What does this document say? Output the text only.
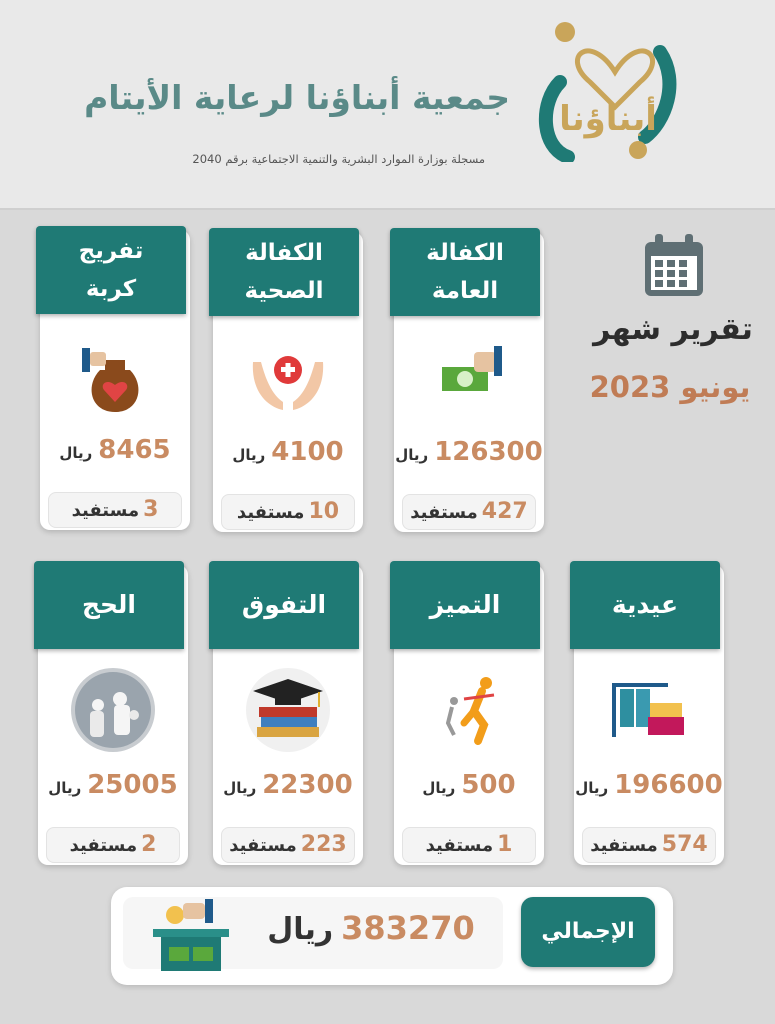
جمعية أبناؤنا لرعاية الأيتام
مسجلة بوزارة الموارد البشرية والتنمية الاجتماعية برقم 2040
أبناؤنا
تقرير شهر
يونيو 2023
الكفالة
العامة
126300ريال
427مستفيد
الكفالة
الصحية
4100ريال
10مستفيد
تفريج
كربة
8465ريال
3مستفيد
عيدية
196600ريال
574مستفيد
التميز
500ريال
1مستفيد
التفوق
22300ريال
223مستفيد
الحج
25005ريال
2مستفيد
383270ريال	الإجمالي
